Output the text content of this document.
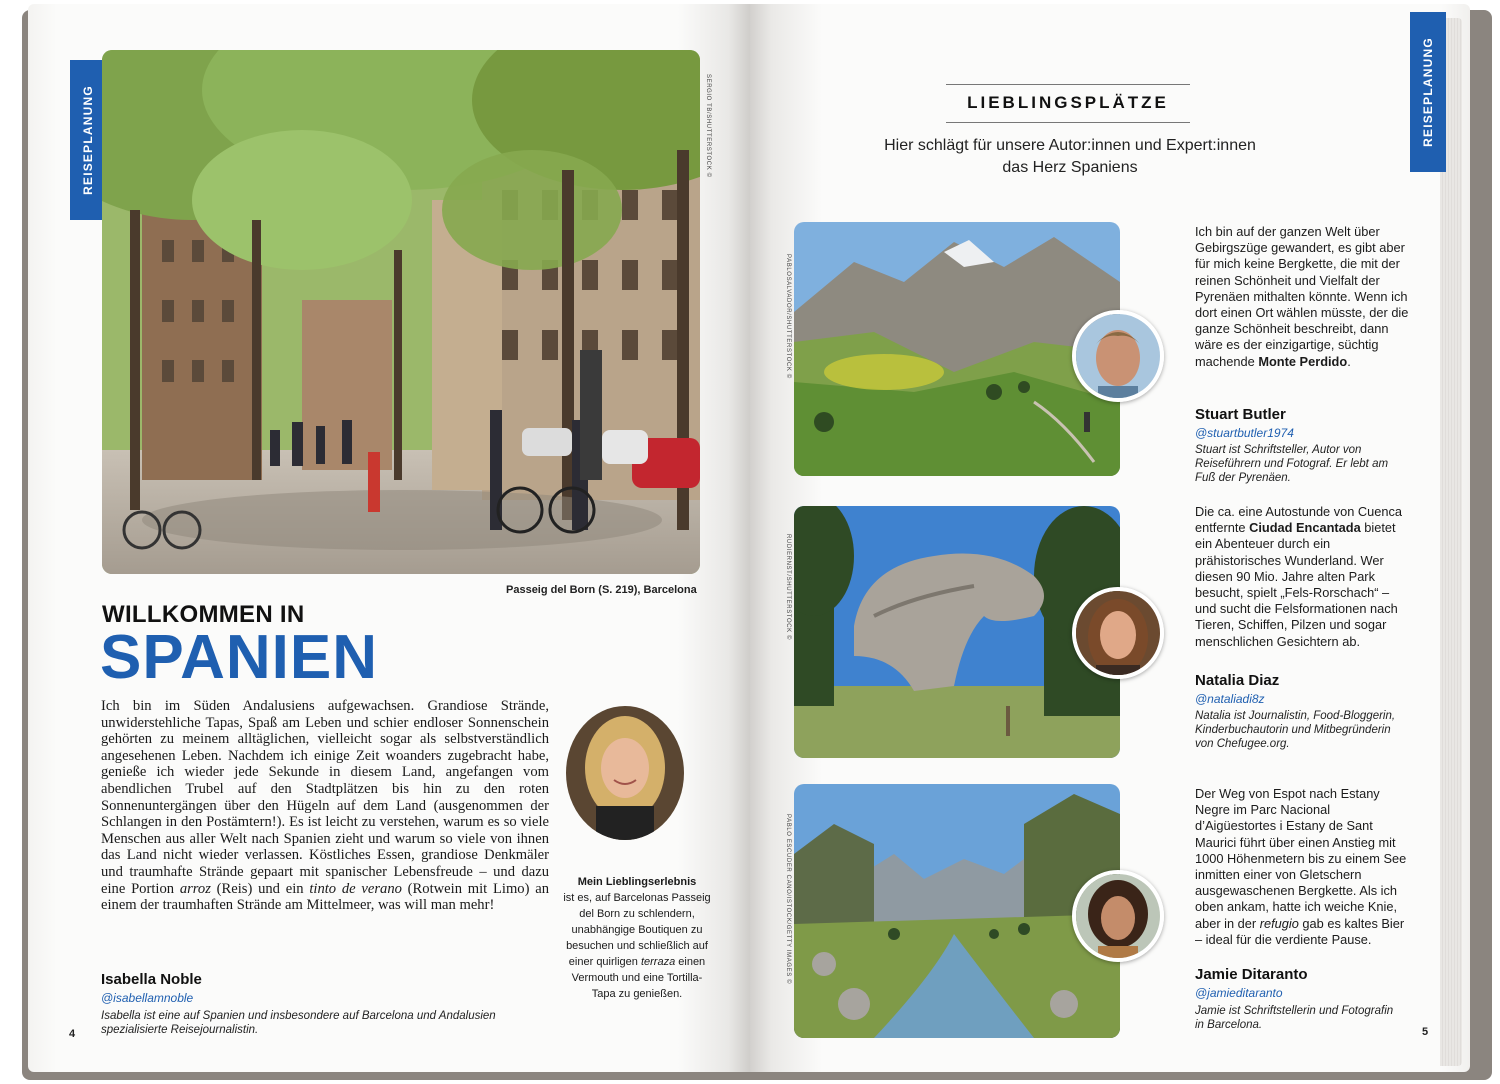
REISEPLANUNG	SERGIO TB/SHUTTERSTOCK ©
Passeig del Born (S. 219), Barcelona
WILLKOMMEN IN
SPANIEN

Ich bin im Süden Andalusiens aufgewachsen. Grandiose Strände, unwiderstehliche Tapas, Spaß am Leben und schier endloser Sonnenschein gehörten zu meinem alltäglichen, vielleicht sogar als selbstverständlich angesehenen Leben. Nachdem ich einige Zeit woanders zugebracht habe, genieße ich wieder jede Sekunde in diesem Land, angefangen vom abendlichen Trubel auf den Stadtplätzen bis hin zu den roten Sonnenuntergängen über den Hügeln auf dem Land (ausgenommen der Schlangen in den Postämtern!). Es ist leicht zu verstehen, warum es so viele Menschen aus aller Welt nach Spanien zieht und warum so viele von ihnen das Land nicht wieder verlassen. Köstliches Essen, grandiose Denkmäler und traumhafte Strände gepaart mit spanischer Lebensfreude – und dazu eine Portion arroz (Reis) und ein tinto de verano (Rotwein mit Limo) an einem der traumhaften Strände am Mittelmeer, was will man mehr!

Isabella Noble
@isabellamnoble
Isabella ist eine auf Spanien und insbesondere auf Barcelona und Andalusien spezialisierte Reisejournalistin.
Mein Lieblingserlebnis
ist es, auf Barcelonas Passeig del Born zu schlendern, unabhängige Boutiquen zu besuchen und schließlich auf einer quirligen terraza einen Vermouth und eine Tortilla-Tapa zu genießen.
4
REISEPLANUNG
LIEBLINGSPLÄTZE
Hier schlägt für unsere Autor:innen und Expert:innen
das Herz Spaniens
PABLOSALVADOR/SHUTTERSTOCK ©

Ich bin auf der ganzen Welt über Gebirgszüge gewandert, es gibt aber für mich keine Bergkette, die mit der reinen Schönheit und Vielfalt der Pyrenäen mithalten könnte. Wenn ich dort einen Ort wählen müsste, der die ganze Schönheit beschreibt, dann wäre es der einzigartige, süchtig machende Monte Perdido.

Stuart Butler
@stuartbutler1974
Stuart ist Schriftsteller, Autor von Reiseführern und Fotograf. Er lebt am Fuß der Pyrenäen.
RUDIERNST/SHUTTERSTOCK ©

Die ca. eine Autostunde von Cuenca entfernte Ciudad Encantada bietet ein Abenteuer durch ein prähistorisches Wunderland. Wer diesen 90 Mio. Jahre alten Park besucht, spielt „Fels-Rorschach“ – und sucht die Felsformationen nach Tieren, Schiffen, Pilzen und sogar menschlichen Gesichtern ab.

Natalia Diaz
@nataliadi8z
Natalia ist Journalistin, Food-Bloggerin, Kinderbuchautorin und Mitbegründerin von Chefugee.org.
PABLO ESCUDER CANO/ISTOCK/GETTY IMAGES ©

Der Weg von Espot nach Estany Negre im Parc Nacional d’Aigüestortes i Estany de Sant Maurici führt über einen Anstieg mit 1000 Höhenmetern bis zu einem See inmitten einer von Gletschern ausgewaschenen Bergkette. Als ich oben ankam, hatte ich weiche Knie, aber in der refugio gab es kaltes Bier – ideal für die verdiente Pause.

Jamie Ditaranto
@jamieditaranto
Jamie ist Schriftstellerin und Fotografin in Barcelona.
5
